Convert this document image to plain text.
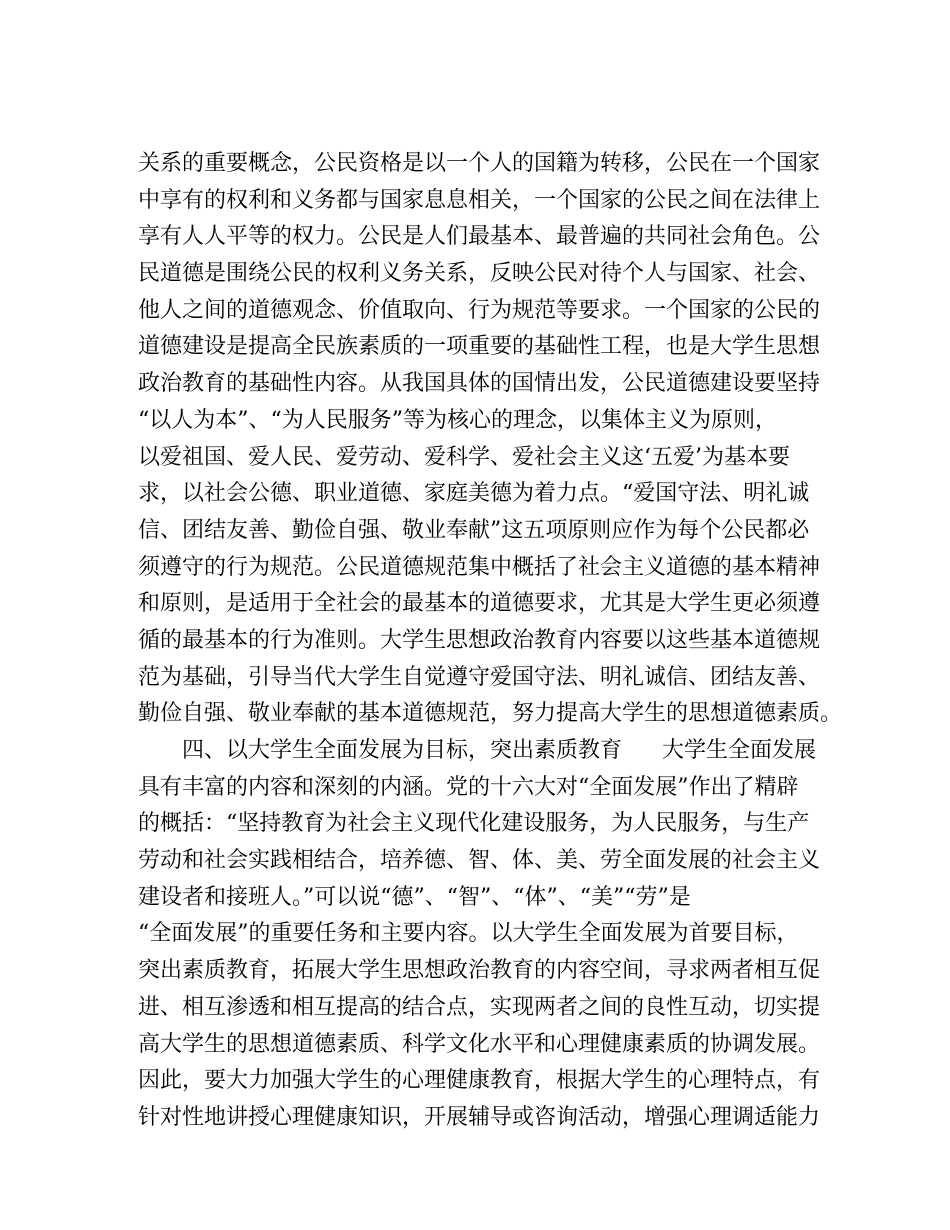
关系的重要概念，公民资格是以一个人的国籍为转移，公民在一个国家
中享有的权利和义务都与国家息息相关，一个国家的公民之间在法律上
享有人人平等的权力。公民是人们最基本、最普遍的共同社会角色。公
民道德是围绕公民的权利义务关系，反映公民对待个人与国家、社会、
他人之间的道德观念、价值取向、行为规范等要求。一个国家的公民的
道德建设是提高全民族素质的一项重要的基础性工程，也是大学生思想
政治教育的基础性内容。从我国具体的国情出发，公民道德建设要坚持
“以人为本”、“为人民服务”等为核心的理念，以集体主义为原则，
以爱祖国、爱人民、爱劳动、爱科学、爱社会主义这‘五爱’为基本要
求，以社会公德、职业道德、家庭美德为着力点。“爱国守法、明礼诚
信、团结友善、勤俭自强、敬业奉献”这五项原则应作为每个公民都必
须遵守的行为规范。公民道德规范集中概括了社会主义道德的基本精神
和原则，是适用于全社会的最基本的道德要求，尤其是大学生更必须遵
循的最基本的行为准则。大学生思想政治教育内容要以这些基本道德规
范为基础，引导当代大学生自觉遵守爱国守法、明礼诚信、团结友善、
勤俭自强、敬业奉献的基本道德规范，努力提高大学生的思想道德素质。
四、以大学生全面发展为目标，突出素质教育 大学生全面发展
具有丰富的内容和深刻的内涵。党的十六大对“全面发展”作出了精辟
的概括：“坚持教育为社会主义现代化建设服务，为人民服务，与生产
劳动和社会实践相结合，培养德、智、体、美、劳全面发展的社会主义
建设者和接班人。”可以说“德”、“智”、“体”、“美”“劳”是
“全面发展”的重要任务和主要内容。以大学生全面发展为首要目标，
突出素质教育，拓展大学生思想政治教育的内容空间，寻求两者相互促
进、相互渗透和相互提高的结合点，实现两者之间的良性互动，切实提
高大学生的思想道德素质、科学文化水平和心理健康素质的协调发展。
因此，要大力加强大学生的心理健康教育，根据大学生的心理特点，有
针对性地讲授心理健康知识，开展辅导或咨询活动，增强心理调适能力
